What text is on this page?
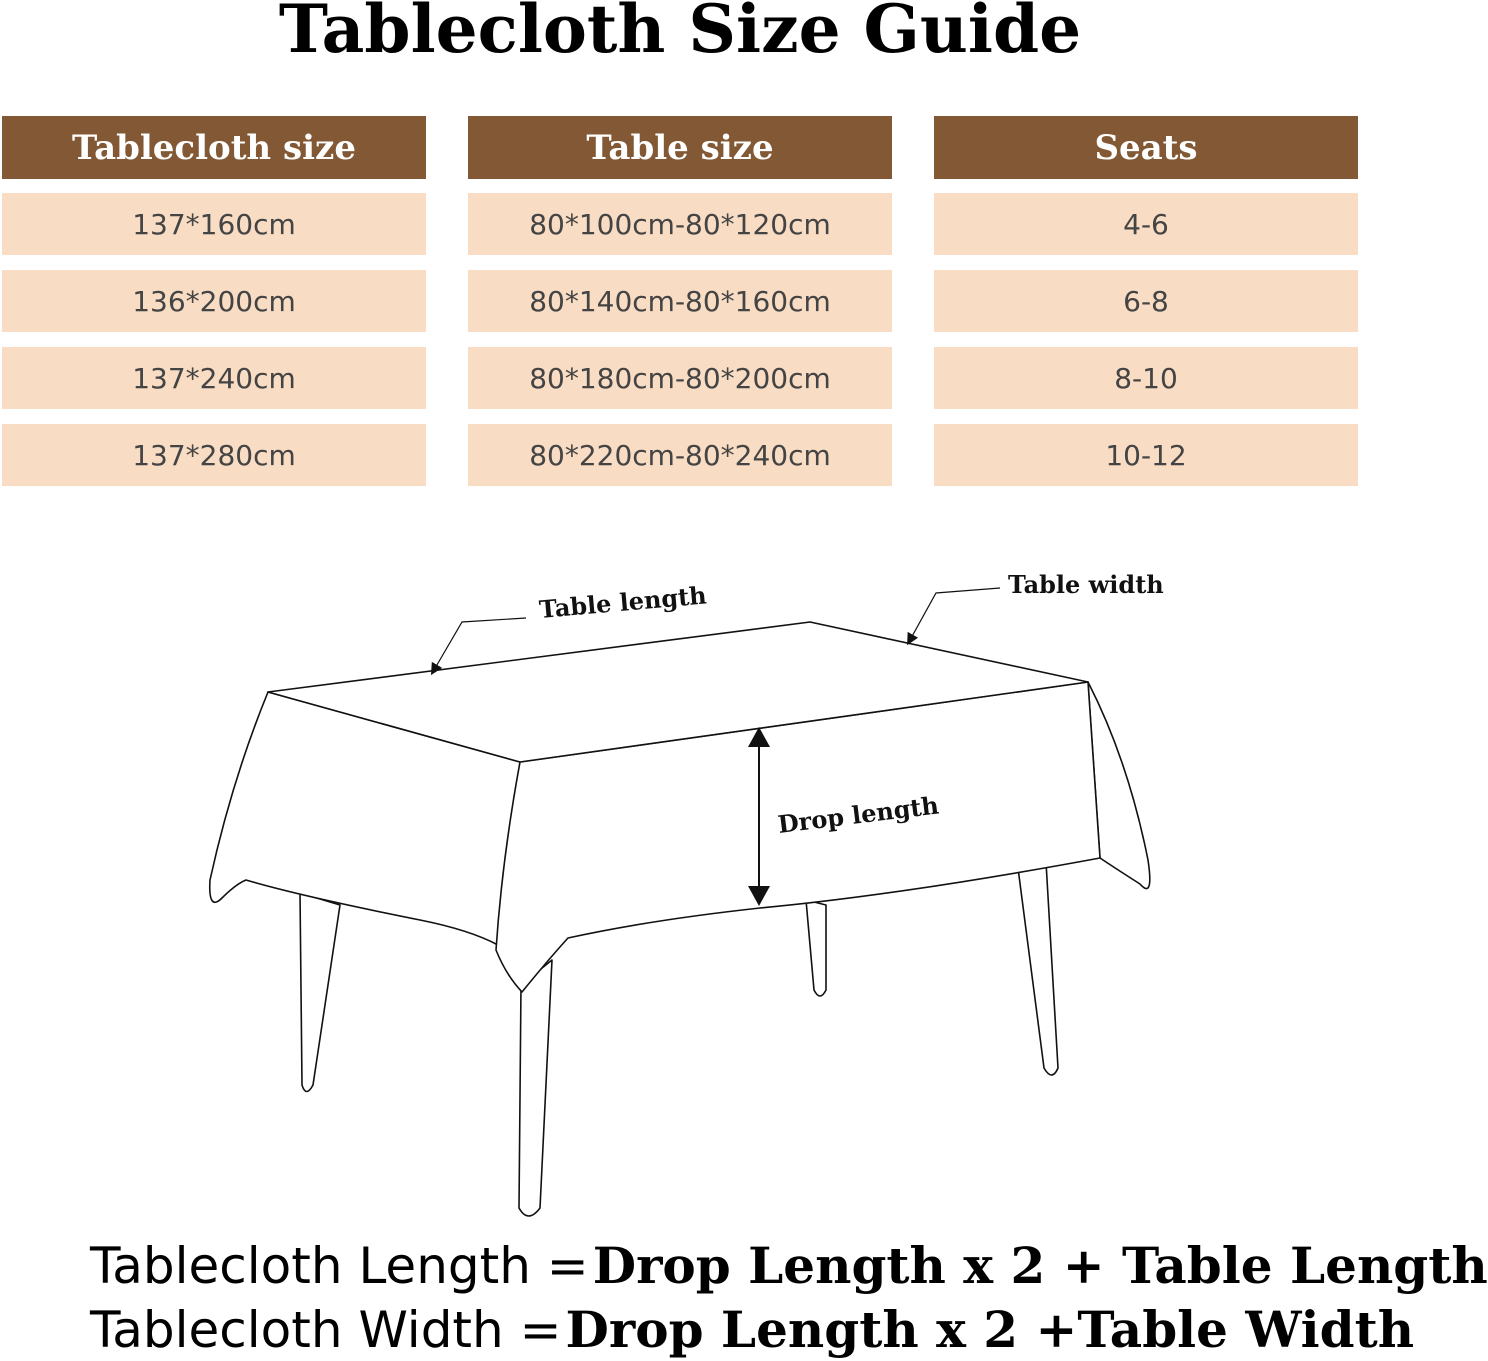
Tablecloth Size Guide
Tablecloth size
137*160cm
136*200cm
137*240cm
137*280cm
Table size
80*100cm-80*120cm
80*140cm-80*160cm
80*180cm-80*200cm
80*220cm-80*240cm
Seats
4-6
6-8
8-10
10-12
Table length	Table width
Drop length
Tablecloth Length = Drop Length x 2 + Table Length
Tablecloth Width = Drop Length x 2 +Table Width
